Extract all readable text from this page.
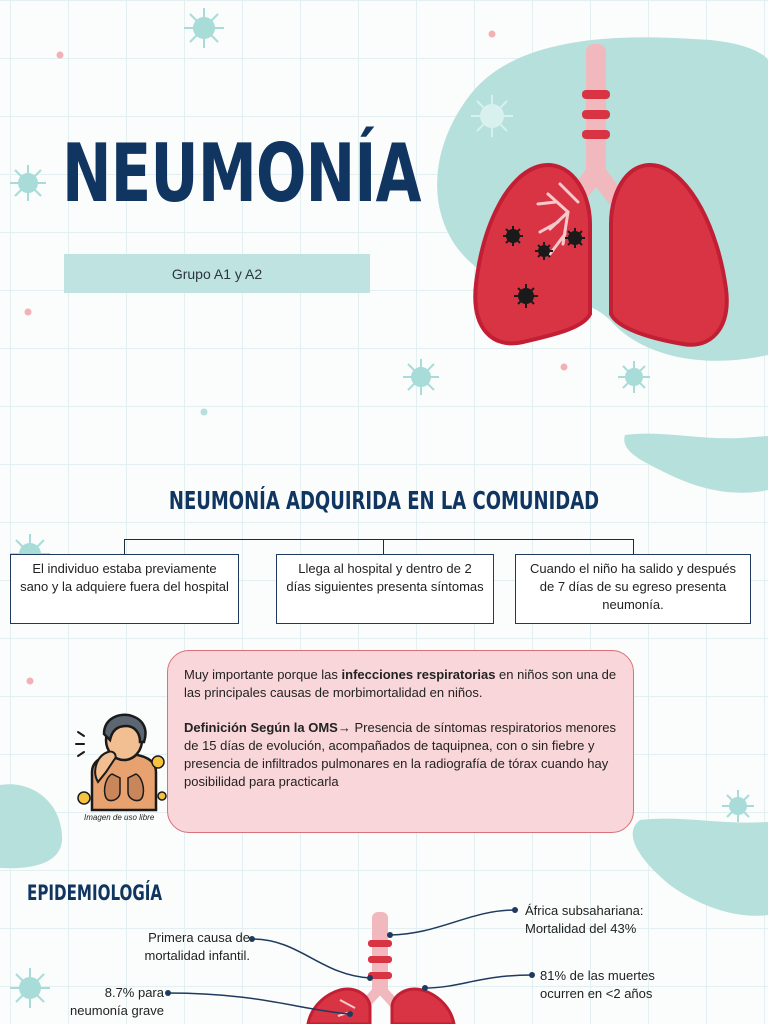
NEUMONÍA
Grupo A1 y A2
NEUMONÍA ADQUIRIDA EN LA COMUNIDAD
El individuo estaba previamente sano y la adquiere fuera del hospital
Llega al hospital y dentro de 2 días siguientes presenta síntomas
Cuando el niño ha salido y después de 7 días de su egreso presenta neumonía.
Imagen de uso libre

Muy importante porque las infecciones respiratorias en niños son una de las principales causas de morbimortalidad en niños.

Definición Según la OMS→ Presencia de síntomas respiratorios menores de 15 días de evolución, acompañados de taquipnea, con o sin fiebre y presencia de infiltrados pulmonares en la radiografía de tórax cuando hay posibilidad para practicarla

EPIDEMIOLOGÍA
Primera causa de
mortalidad infantil.
8.7% para
neumonía grave
África subsahariana:
Mortalidad del 43%
81% de las muertes
ocurren en <2 años
